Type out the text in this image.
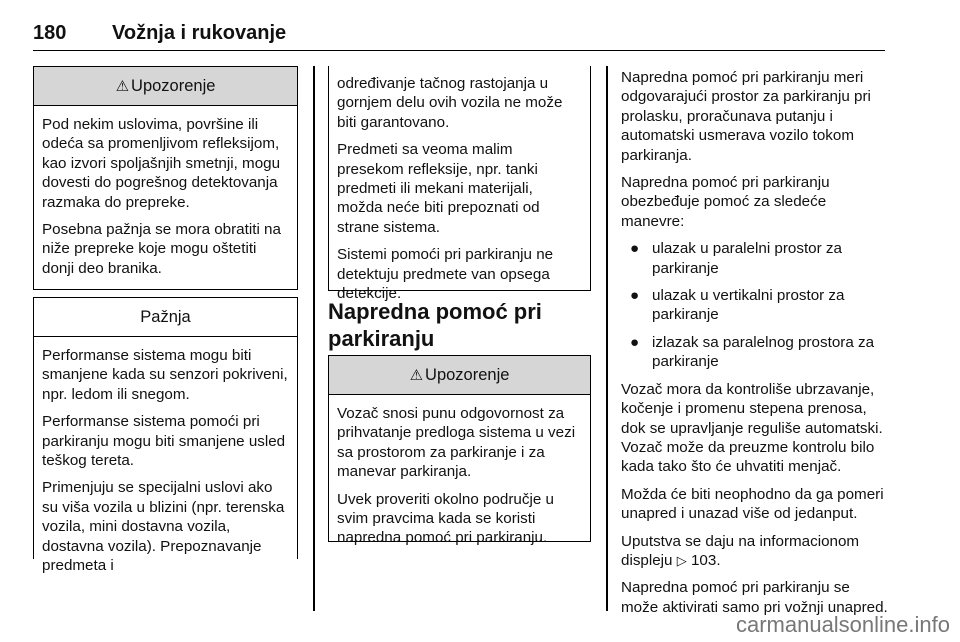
180 Vožnja i rukovanje
⚠ Upozorenje

Pod nekim uslovima, površine ili odeća sa promenljivom refleksijom, kao izvori spoljašnjih smetnji, mogu dovesti do pogrešnog detektovanja razmaka do prepreke.

Posebna pažnja se mora obratiti na niže prepreke koje mogu oštetiti donji deo branika.

Pažnja

Performanse sistema mogu biti smanjene kada su senzori pokriveni, npr. ledom ili snegom.

Performanse sistema pomoći pri parkiranju mogu biti smanjene usled teškog tereta.

Primenjuju se specijalni uslovi ako su viša vozila u blizini (npr. terenska vozila, mini dostavna vozila, dostavna vozila). Prepoznavanje predmeta i

određivanje tačnog rastojanja u gornjem delu ovih vozila ne može biti garantovano.

Predmeti sa veoma malim presekom refleksije, npr. tanki predmeti ili mekani materijali, možda neće biti prepoznati od strane sistema.

Sistemi pomoći pri parkiranju ne detektuju predmete van opsega detekcije.

Napredna pomoć pri parkiranju
⚠ Upozorenje

Vozač snosi punu odgovornost za prihvatanje predloga sistema u vezi sa prostorom za parkiranje i za manevar parkiranja.

Uvek proveriti okolno područje u svim pravcima kada se koristi napredna pomoć pri parkiranju.

Napredna pomoć pri parkiranju meri odgovarajući prostor za parkiranju pri prolasku, proračunava putanju i automatski usmerava vozilo tokom parkiranja.

Napredna pomoć pri parkiranju obezbeđuje pomoć za sledeće manevre:

● ulazak u paralelni prostor za parkiranje
● ulazak u vertikalni prostor za parkiranje
● izlazak sa paralelnog prostora za parkiranje

Vozač mora da kontroliše ubrzavanje, kočenje i promenu stepena prenosa, dok se upravljanje reguliše automatski. Vozač može da preuzme kontrolu bilo kada tako što će uhvatiti menjač.

Možda će biti neophodno da ga pomeri unapred i unazad više od jedanput.

Uputstva se daju na informacionom displeju ▷ 103.

Napredna pomoć pri parkiranju se može aktivirati samo pri vožnji unapred.

carmanualsonline.info
